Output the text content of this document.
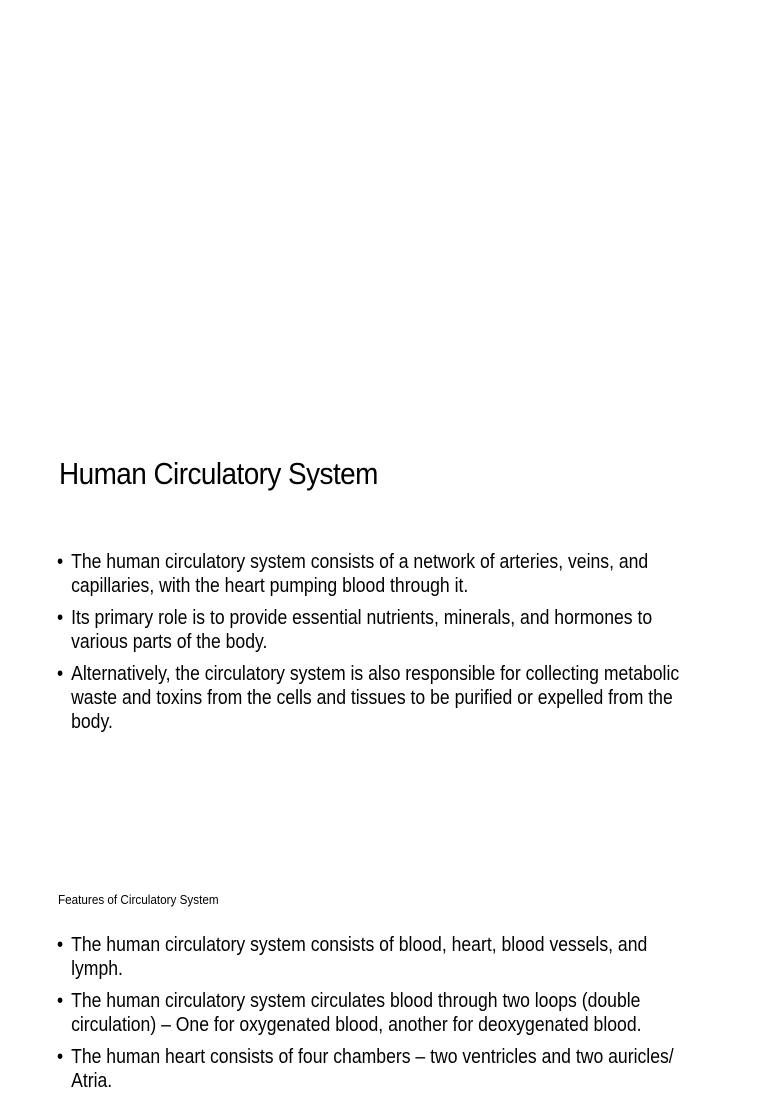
Human Circulatory System
• The human circulatory system consists of a network of arteries, veins, and capillaries, with the heart pumping blood through it.
• Its primary role is to provide essential nutrients, minerals, and hormones to various parts of the body.
• Alternatively, the circulatory system is also responsible for collecting metabolic waste and toxins from the cells and tissues to be purified or expelled from the body.
Features of Circulatory System
• The human circulatory system consists of blood, heart, blood vessels, and lymph.
• The human circulatory system circulates blood through two loops (double circulation) – One for oxygenated blood, another for deoxygenated blood.
• The human heart consists of four chambers – two ventricles and two auricles/ Atria.
